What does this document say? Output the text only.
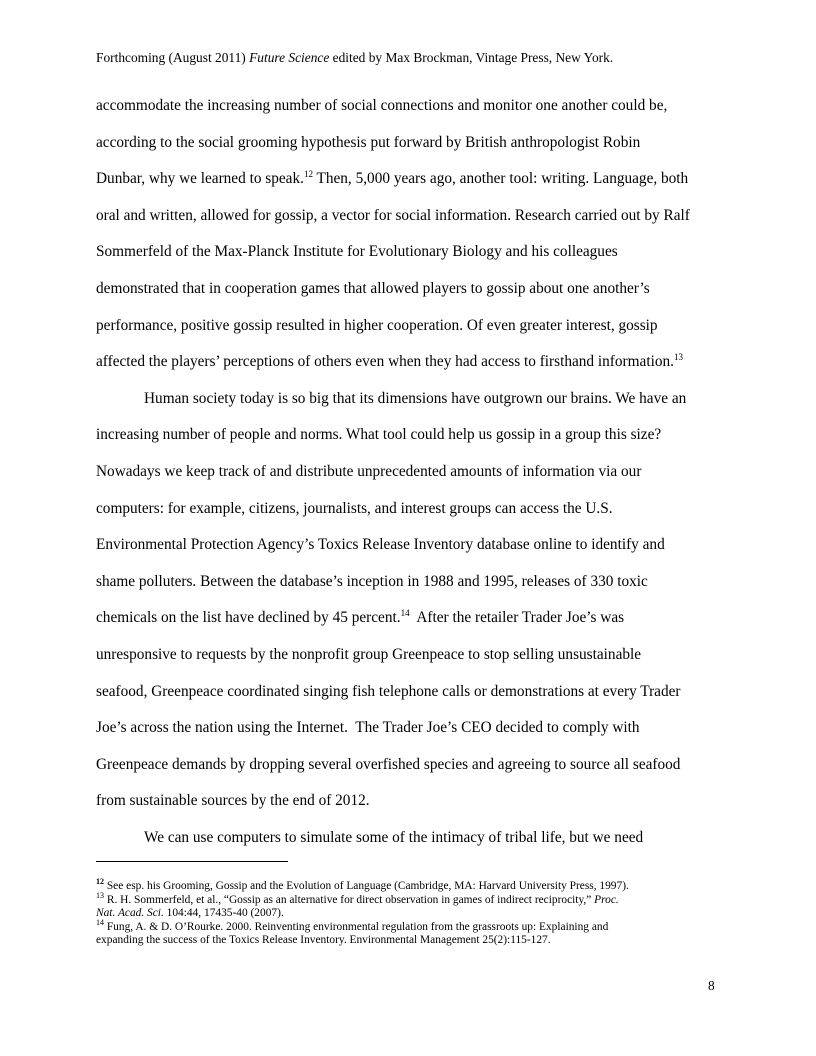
Forthcoming (August 2011) Future Science edited by Max Brockman, Vintage Press, New York.
accommodate the increasing number of social connections and monitor one another could be,
according to the social grooming hypothesis put forward by British anthropologist Robin
Dunbar, why we learned to speak.$^{12}$ Then, 5,000 years ago, another tool: writing. Language, both
oral and written, allowed for gossip, a vector for social information. Research carried out by Ralf
Sommerfeld of the Max-Planck Institute for Evolutionary Biology and his colleagues
demonstrated that in cooperation games that allowed players to gossip about one another’s
performance, positive gossip resulted in higher cooperation. Of even greater interest, gossip
affected the players’ perceptions of others even when they had access to firsthand information.$^{13}$
Human society today is so big that its dimensions have outgrown our brains. We have an
increasing number of people and norms. What tool could help us gossip in a group this size?
Nowadays we keep track of and distribute unprecedented amounts of information via our
computers: for example, citizens, journalists, and interest groups can access the U.S.
Environmental Protection Agency’s Toxics Release Inventory database online to identify and
shame polluters. Between the database’s inception in 1988 and 1995, releases of 330 toxic
chemicals on the list have declined by 45 percent.$^{14}$  After the retailer Trader Joe’s was
unresponsive to requests by the nonprofit group Greenpeace to stop selling unsustainable
seafood, Greenpeace coordinated singing fish telephone calls or demonstrations at every Trader
Joe’s across the nation using the Internet.  The Trader Joe’s CEO decided to comply with
Greenpeace demands by dropping several overfished species and agreeing to source all seafood
from sustainable sources by the end of 2012.
We can use computers to simulate some of the intimacy of tribal life, but we need
$^{12}$ See esp. his Grooming, Gossip and the Evolution of Language (Cambridge, MA: Harvard University Press, 1997).
$^{13}$ R. H. Sommerfeld, et al., “Gossip as an alternative for direct observation in games of indirect reciprocity,” Proc.
Nat. Acad. Sci. 104:44, 17435-40 (2007).
$^{14}$ Fung, A. & D. O’Rourke. 2000. Reinventing environmental regulation from the grassroots up: Explaining and
expanding the success of the Toxics Release Inventory. Environmental Management 25(2):115-127.
8
